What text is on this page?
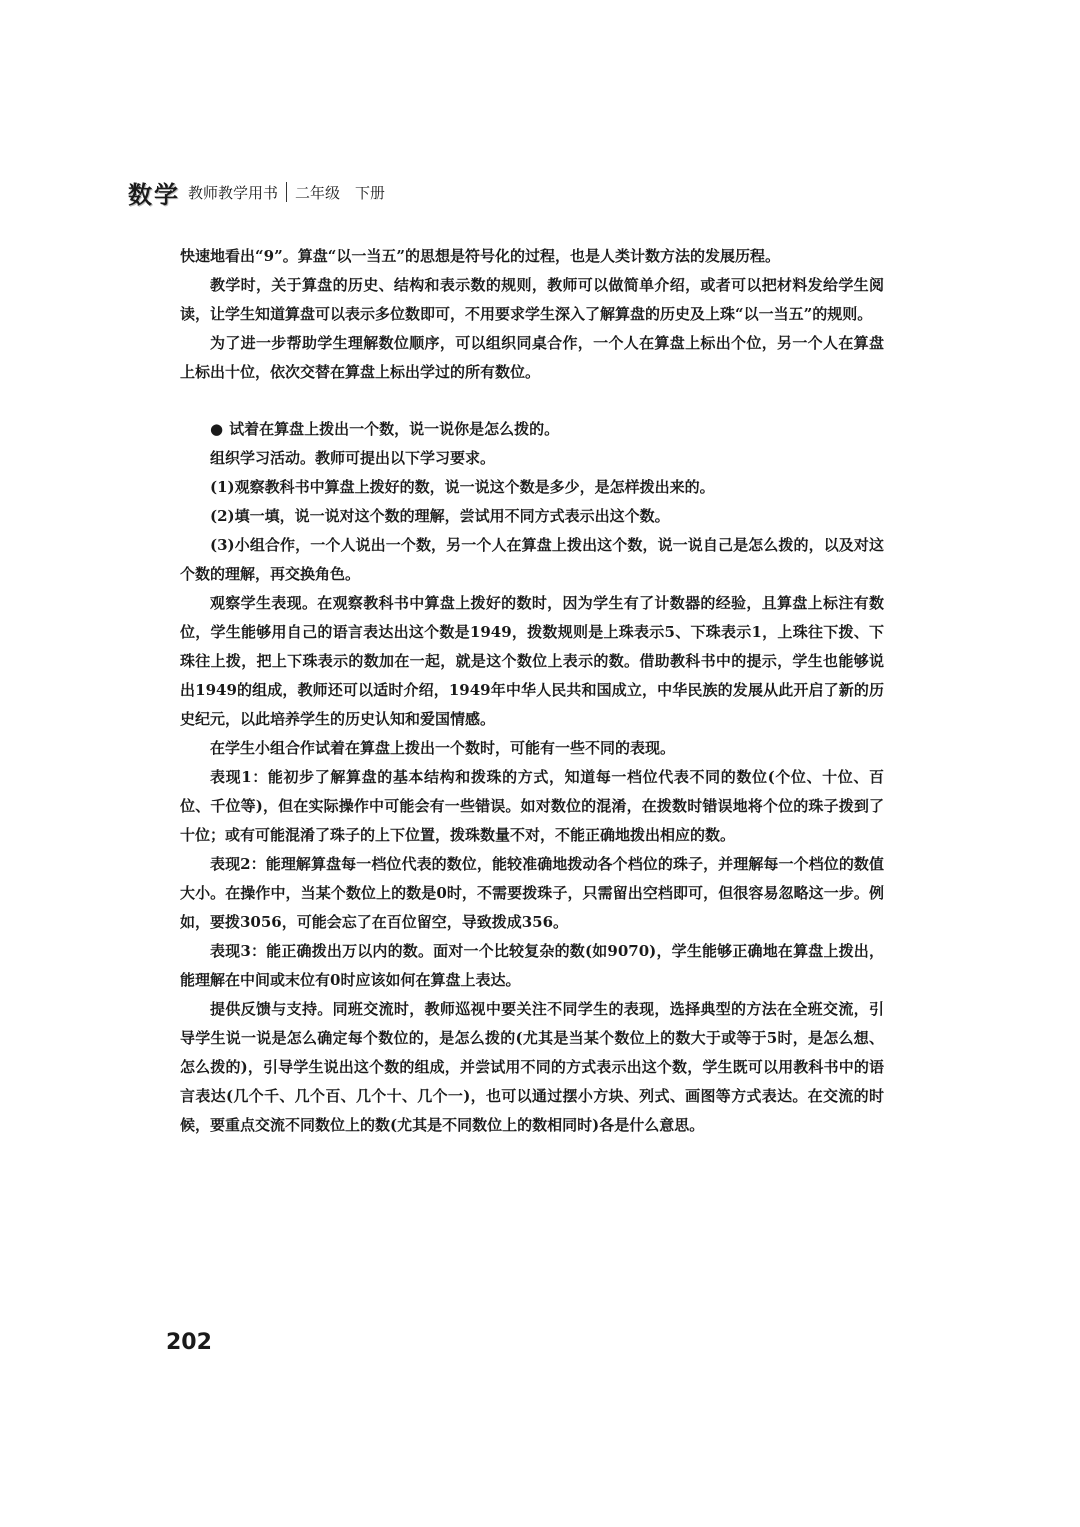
数学 教师教学用书 二年级　下册

快速地看出“9”。算盘“以一当五”的思想是符号化的过程，也是人类计数方法的发展历程。

教学时，关于算盘的历史、结构和表示数的规则，教师可以做简单介绍，或者可以把材料发给学生阅读，让学生知道算盘可以表示多位数即可，不用要求学生深入了解算盘的历史及上珠“以一当五”的规则。

为了进一步帮助学生理解数位顺序，可以组织同桌合作，一个人在算盘上标出个位，另一个人在算盘上标出十位，依次交替在算盘上标出学过的所有数位。

● 试着在算盘上拨出一个数，说一说你是怎么拨的。

组织学习活动。教师可提出以下学习要求。

(1)观察教科书中算盘上拨好的数，说一说这个数是多少，是怎样拨出来的。

(2)填一填，说一说对这个数的理解，尝试用不同方式表示出这个数。

(3)小组合作，一个人说出一个数，另一个人在算盘上拨出这个数，说一说自己是怎么拨的，以及对这个数的理解，再交换角色。

观察学生表现。在观察教科书中算盘上拨好的数时，因为学生有了计数器的经验，且算盘上标注有数位，学生能够用自己的语言表达出这个数是1949，拨数规则是上珠表示5、下珠表示1，上珠往下拨、下珠往上拨，把上下珠表示的数加在一起，就是这个数位上表示的数。借助教科书中的提示，学生也能够说出1949的组成，教师还可以适时介绍，1949年中华人民共和国成立，中华民族的发展从此开启了新的历史纪元，以此培养学生的历史认知和爱国情感。

在学生小组合作试着在算盘上拨出一个数时，可能有一些不同的表现。

表现1：能初步了解算盘的基本结构和拨珠的方式，知道每一档位代表不同的数位(个位、十位、百位、千位等)，但在实际操作中可能会有一些错误。如对数位的混淆，在拨数时错误地将个位的珠子拨到了十位；或有可能混淆了珠子的上下位置，拨珠数量不对，不能正确地拨出相应的数。

表现2：能理解算盘每一档位代表的数位，能较准确地拨动各个档位的珠子，并理解每一个档位的数值大小。在操作中，当某个数位上的数是0时，不需要拨珠子，只需留出空档即可，但很容易忽略这一步。例如，要拨3056，可能会忘了在百位留空，导致拨成356。

表现3：能正确拨出万以内的数。面对一个比较复杂的数(如9070)，学生能够正确地在算盘上拨出，能理解在中间或末位有0时应该如何在算盘上表达。

提供反馈与支持。同班交流时，教师巡视中要关注不同学生的表现，选择典型的方法在全班交流，引导学生说一说是怎么确定每个数位的，是怎么拨的(尤其是当某个数位上的数大于或等于5时，是怎么想、怎么拨的)，引导学生说出这个数的组成，并尝试用不同的方式表示出这个数，学生既可以用教科书中的语言表达(几个千、几个百、几个十、几个一)，也可以通过摆小方块、列式、画图等方式表达。在交流的时候，要重点交流不同数位上的数(尤其是不同数位上的数相同时)各是什么意思。

202
